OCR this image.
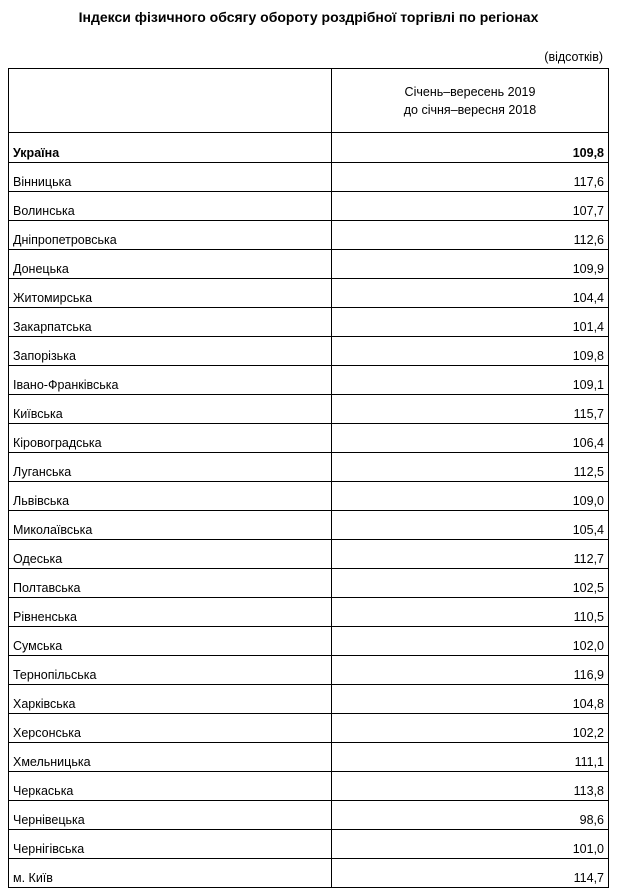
Індекси фізичного обсягу обороту роздрібної торгівлі по регіонах
(відсотків)

	Січень–вересень 2019
до січня–вересня 2018

Україна	109,8
Вінницька	117,6
Волинська	107,7
Дніпропетровська	112,6
Донецька	109,9
Житомирська	104,4
Закарпатська	101,4
Запорізька	109,8
Івано-Франківська	109,1
Київська	115,7
Кіровоградська	106,4
Луганська	112,5
Львівська	109,0
Миколаївська	105,4
Одеська	112,7
Полтавська	102,5
Рівненська	110,5
Сумська	102,0
Тернопільська	116,9
Харківська	104,8
Херсонська	102,2
Хмельницька	111,1
Черкаська	113,8
Чернівецька	98,6
Чернігівська	101,0
м. Київ	114,7
